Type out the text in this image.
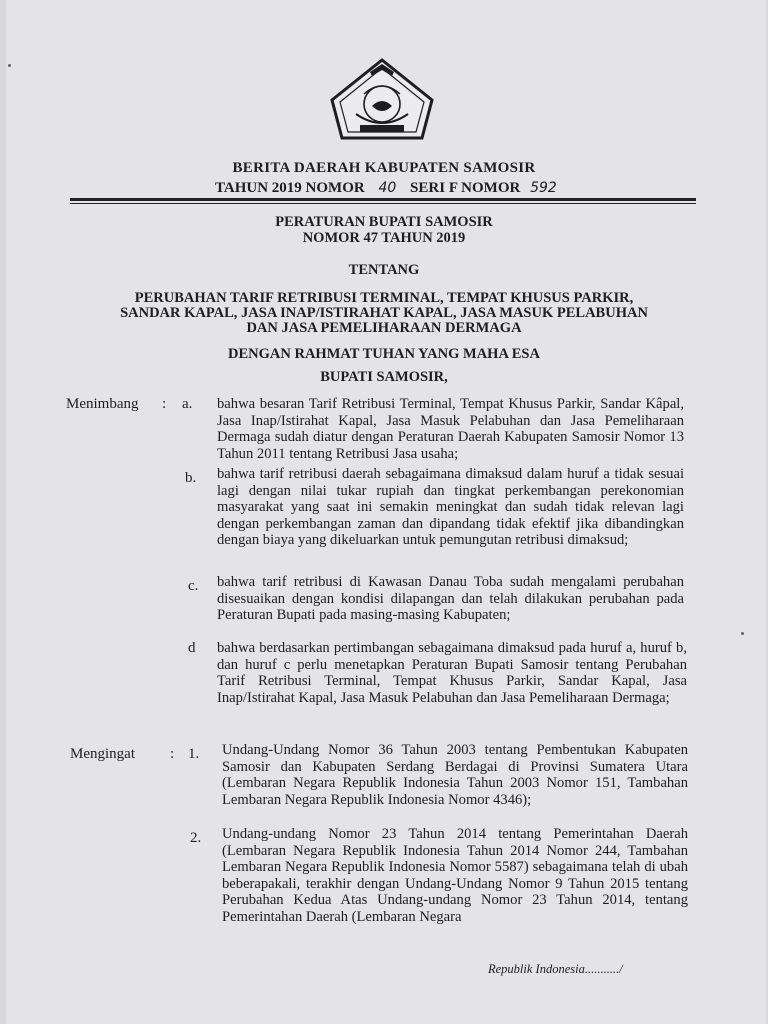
BERITA DAERAH KABUPATEN SAMOSIR
TAHUN 2019 NOMOR 40 SERI F NOMOR 592
PERATURAN BUPATI SAMOSIR
NOMOR 47 TAHUN 2019
TENTANG
PERUBAHAN TARIF RETRIBUSI TERMINAL, TEMPAT KHUSUS PARKIR,
SANDAR KAPAL, JASA INAP/ISTIRAHAT KAPAL, JASA MASUK PELABUHAN
DAN JASA PEMELIHARAAN DERMAGA
DENGAN RAHMAT TUHAN YANG MAHA ESA
BUPATI SAMOSIR,
Menimbang : a. bahwa besaran Tarif Retribusi Terminal, Tempat Khusus Parkir, Sandar Kâpal, Jasa Inap/Istirahat Kapal, Jasa Masuk Pelabuhan dan Jasa Pemeliharaan Dermaga sudah diatur dengan Peraturan Daerah Kabupaten Samosir Nomor 13 Tahun 2011 tentang Retribusi Jasa usaha;
b. bahwa tarif retribusi daerah sebagaimana dimaksud dalam huruf a tidak sesuai lagi dengan nilai tukar rupiah dan tingkat perkembangan perekonomian masyarakat yang saat ini semakin meningkat dan sudah tidak relevan lagi dengan perkembangan zaman dan dipandang tidak efektif jika dibandingkan dengan biaya yang dikeluarkan untuk pemungutan retribusi dimaksud;
c. bahwa tarif retribusi di Kawasan Danau Toba sudah mengalami perubahan disesuaikan dengan kondisi dilapangan dan telah dilakukan perubahan pada Peraturan Bupati pada masing-masing Kabupaten;
d bahwa berdasarkan pertimbangan sebagaimana dimaksud pada huruf a, huruf b, dan huruf c perlu menetapkan Peraturan Bupati Samosir tentang Perubahan Tarif Retribusi Terminal, Tempat Khusus Parkir, Sandar Kapal, Jasa Inap/Istirahat Kapal, Jasa Masuk Pelabuhan dan Jasa Pemeliharaan Dermaga;
Mengingat : 1. Undang-Undang Nomor 36 Tahun 2003 tentang Pembentukan Kabupaten Samosir dan Kabupaten Serdang Berdagai di Provinsi Sumatera Utara (Lembaran Negara Republik Indonesia Tahun 2003 Nomor 151, Tambahan Lembaran Negara Republik Indonesia Nomor 4346);
2. Undang-undang Nomor 23 Tahun 2014 tentang Pemerintahan Daerah (Lembaran Negara Republik Indonesia Tahun 2014 Nomor 244, Tambahan Lembaran Negara Republik Indonesia Nomor 5587) sebagaimana telah di ubah beberapakali, terakhir dengan Undang-Undang Nomor 9 Tahun 2015 tentang Perubahan Kedua Atas Undang-undang Nomor 23 Tahun 2014, tentang Pemerintahan Daerah (Lembaran Negara
Republik Indonesia.........../
